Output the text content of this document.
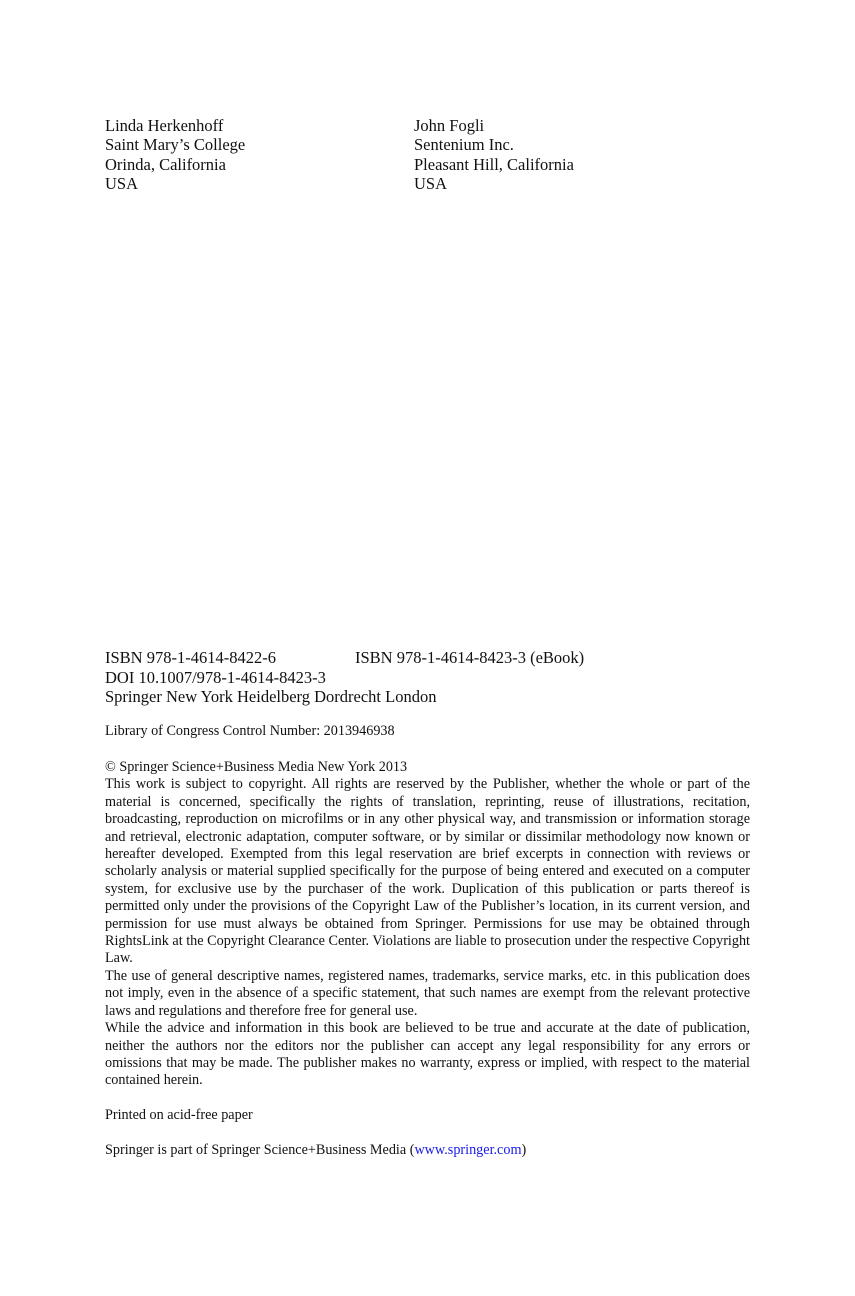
Linda Herkenhoff
Saint Mary’s College
Orinda, California
USA
John Fogli
Sentenium Inc.
Pleasant Hill, California
USA
ISBN 978-1-4614-8422-6	ISBN 978-1-4614-8423-3 (eBook)
DOI 10.1007/978-1-4614-8423-3
Springer New York Heidelberg Dordrecht London
Library of Congress Control Number: 2013946938

© Springer Science+Business Media New York 2013

This work is subject to copyright. All rights are reserved by the Publisher, whether the whole or part of the material is concerned, specifically the rights of translation, reprinting, reuse of illustrations, recitation, broadcasting, reproduction on microfilms or in any other physical way, and transmission or information storage and retrieval, electronic adaptation, computer software, or by similar or dissimilar methodology now known or hereafter developed. Exempted from this legal reservation are brief excerpts in connection with reviews or scholarly analysis or material supplied specifically for the purpose of being entered and executed on a computer system, for exclusive use by the purchaser of the work. Duplication of this publication or parts thereof is permitted only under the provisions of the Copyright Law of the Publisher’s location, in its current version, and permission for use must always be obtained from Springer. Permissions for use may be obtained through RightsLink at the Copyright Clearance Center. Violations are liable to prosecution under the respective Copyright Law.

The use of general descriptive names, registered names, trademarks, service marks, etc. in this publication does not imply, even in the absence of a specific statement, that such names are exempt from the relevant protective laws and regulations and therefore free for general use.

While the advice and information in this book are believed to be true and accurate at the date of publication, neither the authors nor the editors nor the publisher can accept any legal responsibility for any errors or omissions that may be made. The publisher makes no warranty, express or implied, with respect to the material contained herein.

Printed on acid-free paper
Springer is part of Springer Science+Business Media (www.springer.com)
